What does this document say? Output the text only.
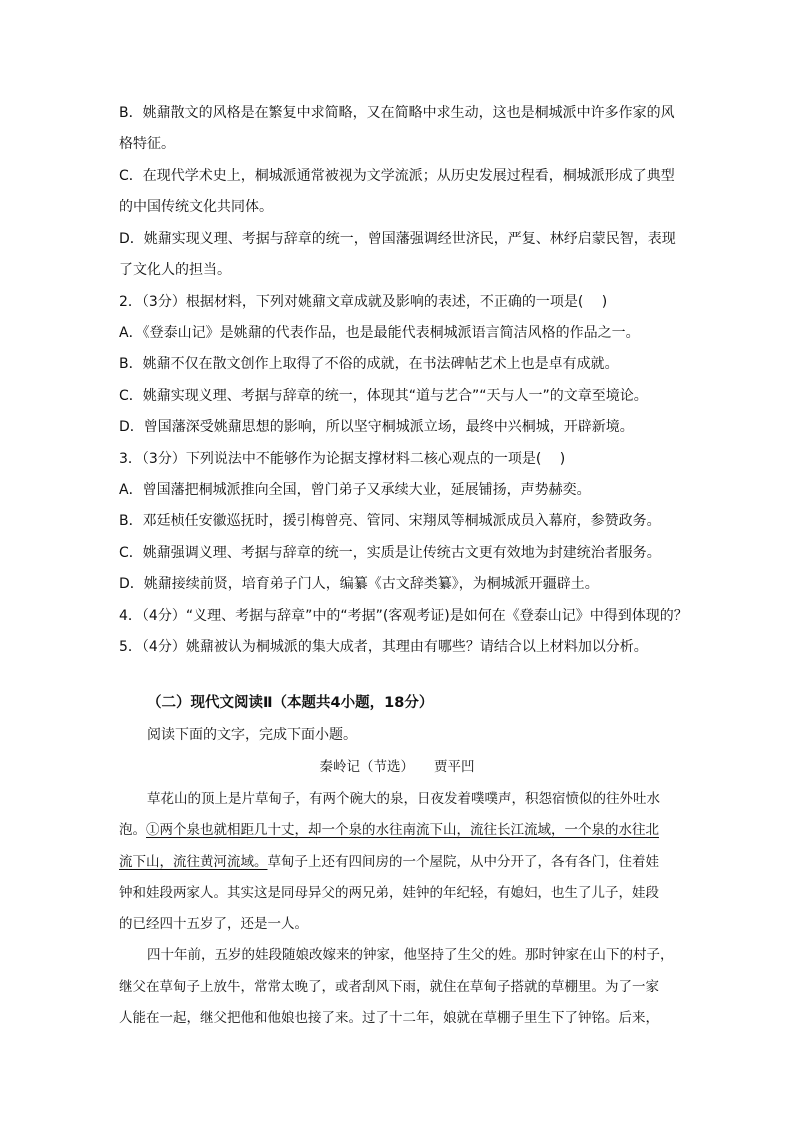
B．姚鼐散文的风格是在繁复中求简略，又在简略中求生动，这也是桐城派中许多作家的风
格特征。
C．在现代学术史上，桐城派通常被视为文学流派；从历史发展过程看，桐城派形成了典型
的中国传统文化共同体。
D．姚鼐实现义理、考据与辞章的统一，曾国藩强调经世济民，严复、林纾启蒙民智，表现
了文化人的担当。
2．（3分）根据材料，下列对姚鼐文章成就及影响的表述，不正确的一项是(　 )
A．《登泰山记》是姚鼐的代表作品，也是最能代表桐城派语言简洁风格的作品之一。
B．姚鼐不仅在散文创作上取得了不俗的成就，在书法碑帖艺术上也是卓有成就。
C．姚鼐实现义理、考据与辞章的统一，体现其“道与艺合”“天与人一”的文章至境论。
D．曾国藩深受姚鼐思想的影响，所以坚守桐城派立场，最终中兴桐城，开辟新境。
3．（3分）下列说法中不能够作为论据支撑材料二核心观点的一项是(　 )
A．曾国藩把桐城派推向全国，曾门弟子又承续大业，延展铺扬，声势赫奕。
B．邓廷桢任安徽巡抚时，援引梅曾亮、管同、宋翔凤等桐城派成员入幕府，参赞政务。
C．姚鼐强调义理、考据与辞章的统一，实质是让传统古文更有效地为封建统治者服务。
D．姚鼐接续前贤，培育弟子门人，编纂《古文辞类纂》，为桐城派开疆辟土。
4．（4分）“义理、考据与辞章”中的“考据”(客观考证)是如何在《登泰山记》中得到体现的？
5．（4分）姚鼐被认为桐城派的集大成者，其理由有哪些？请结合以上材料加以分析。
（二）现代文阅读Ⅱ（本题共4小题，18分）
阅读下面的文字，完成下面小题。
秦岭记（节选） 贾平凹
草花山的顶上是片草甸子，有两个碗大的泉，日夜发着噗噗声，积怨宿愤似的往外吐水
泡。①两个泉也就相距几十丈，却一个泉的水往南流下山，流往长江流域，一个泉的水往北
流下山，流往黄河流域。草甸子上还有四间房的一个屋院，从中分开了，各有各门，住着娃
钟和娃段两家人。其实这是同母异父的两兄弟，娃钟的年纪轻，有媳妇，也生了儿子，娃段
的已经四十五岁了，还是一人。
四十年前，五岁的娃段随娘改嫁来的钟家，他坚持了生父的姓。那时钟家在山下的村子，
继父在草甸子上放牛，常常太晚了，或者刮风下雨，就住在草甸子搭就的草棚里。为了一家
人能在一起，继父把他和他娘也接了来。过了十二年，娘就在草棚子里生下了钟铭。后来，
